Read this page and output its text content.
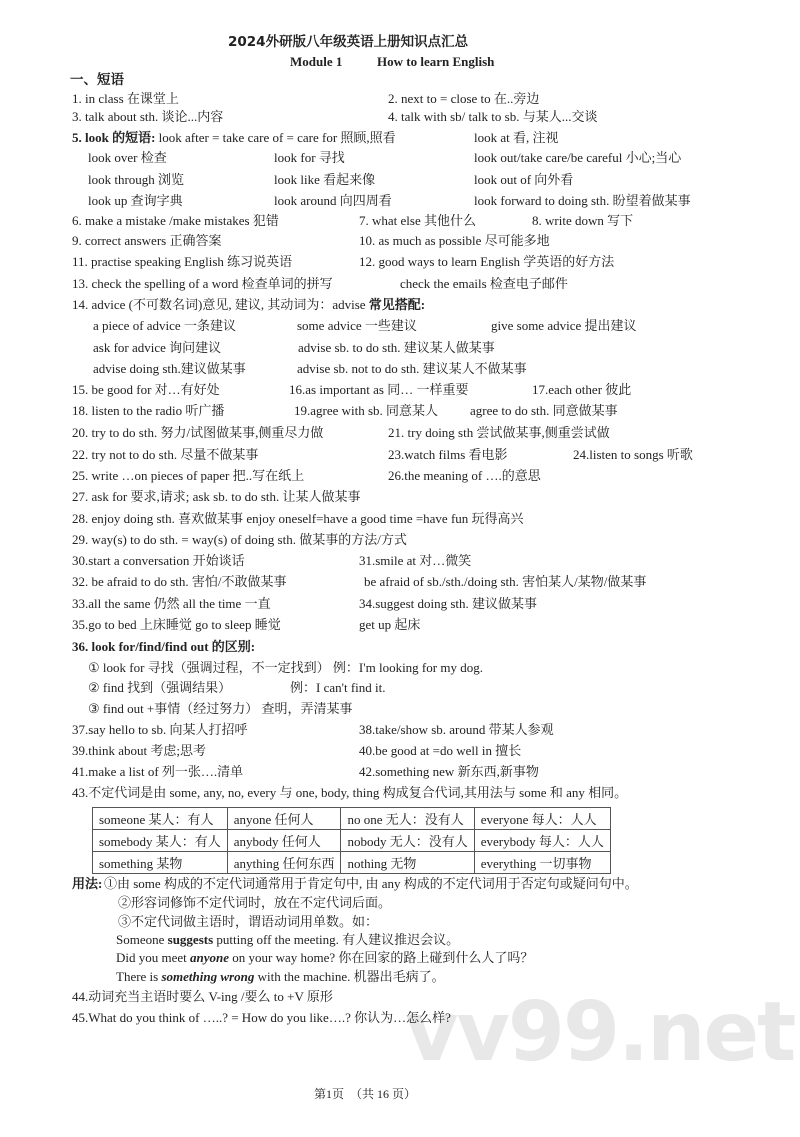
vv99.net
2024外研版八年级英语上册知识点汇总
Module 1	How to learn English
一、短语
1. in class 在课堂上	2. next to = close to 在..旁边
3. talk about sth. 谈论...内容	4. talk with sb/ talk to sb. 与某人...交谈
5. look 的短语: look after = take care of = care for 照顾,照看	look at 看, 注视
look over 检查	look for 寻找	look out/take care/be careful 小心;当心
look through 浏览	look like 看起来像	look out of 向外看
look up 查询字典	look around 向四周看	look forward to doing sth. 盼望着做某事
6. make a mistake /make mistakes 犯错	7. what else 其他什么	8. write down 写下
9. correct answers 正确答案	10. as much as possible 尽可能多地
11. practise speaking English 练习说英语	12. good ways to learn English 学英语的好方法
13. check the spelling of a word 检查单词的拼写	check the emails 检查电子邮件
14. advice (不可数名词)意见, 建议, 其动词为：advise 常见搭配:
a piece of advice 一条建议	some advice 一些建议	give some advice 提出建议
ask for advice 询问建议	advise sb. to do sth. 建议某人做某事
advise doing sth.建议做某事	advise sb. not to do sth. 建议某人不做某事
15. be good for 对…有好处	16.as important as 同… 一样重要	17.each other 彼此
18. listen to the radio 听广播	19.agree with sb. 同意某人 agree to do sth. 同意做某事
20. try to do sth. 努力/试图做某事,侧重尽力做	21. try doing sth 尝试做某事,侧重尝试做
22. try not to do sth. 尽量不做某事	23.watch films 看电影	24.listen to songs 听歌
25. write …on pieces of paper 把..写在纸上	26.the meaning of ….的意思
27. ask for 要求,请求; ask sb. to do sth. 让某人做某事
28. enjoy doing sth. 喜欢做某事 enjoy oneself=have a good time =have fun 玩得高兴
29. way(s) to do sth. = way(s) of doing sth. 做某事的方法/方式
30.start a conversation 开始谈话	31.smile at 对…微笑
32. be afraid to do sth. 害怕/不敢做某事	be afraid of sb./sth./doing sth. 害怕某人/某物/做某事
33.all the same 仍然 all the time 一直	34.suggest doing sth. 建议做某事
35.go to bed 上床睡觉 go to sleep 睡觉	get up 起床
36. look for/find/find out 的区别:
① look for 寻找（强调过程，不一定找到） 例：I'm looking for my dog.
② find 找到（强调结果）	例：I can't find it.
③ find out +事情（经过努力） 查明，弄清某事
37.say hello to sb. 向某人打招呼	38.take/show sb. around 带某人参观
39.think about 考虑;思考	40.be good at =do well in 擅长
41.make a list of 列一张….清单	42.something new 新东西,新事物
43.不定代词是由 some, any, no, every 与 one, body, thing 构成复合代词,其用法与 some 和 any 相同。
someone 某人：有人	anyone 任何人	no one 无人：没有人	everyone 每人：人人
somebody 某人：有人	anybody 任何人	nobody 无人：没有人	everybody 每人：人人
something 某物	anything 任何东西	nothing 无物	everything 一切事物
用法: ①由 some 构成的不定代词通常用于肯定句中, 由 any 构成的不定代词用于否定句或疑问句中。
②形容词修饰不定代词时，放在不定代词后面。
③不定代词做主语时，谓语动词用单数。如：
Someone suggests putting off the meeting. 有人建议推迟会议。
Did you meet anyone on your way home? 你在回家的路上碰到什么人了吗？
There is something wrong with the machine. 机器出毛病了。
44.动词充当主语时要么 V-ing /要么 to +V 原形
45.What do you think of …..? = How do you like….? 你认为…怎么样?
第1页　（共 16 页）
